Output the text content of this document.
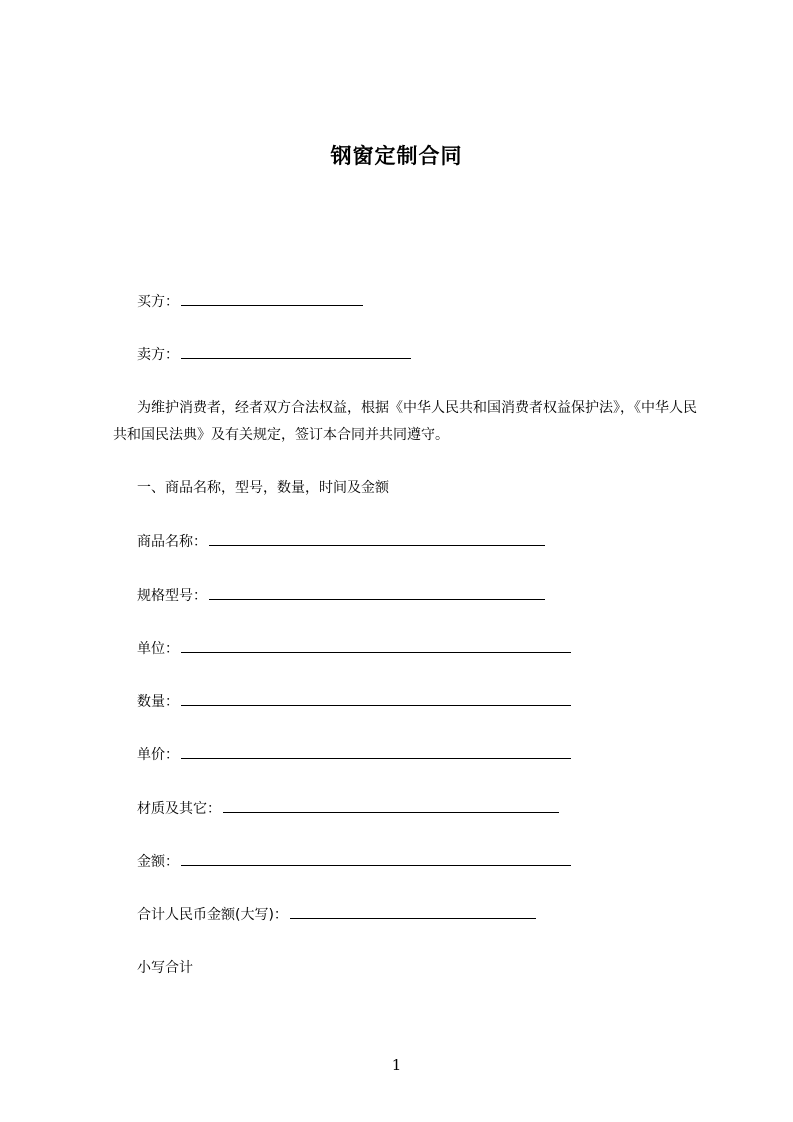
钢窗定制合同
买方：
卖方：

为维护消费者，经者双方合法权益，根据《中华人民共和国消费者权益保护法》，《中华人民共和国民法典》及有关规定，签订本合同并共同遵守。

一、商品名称，型号，数量，时间及金额
商品名称：
规格型号：
单位：
数量：
单价：
材质及其它：
金额：
合计人民币金额(大写)：
小写合计
1
